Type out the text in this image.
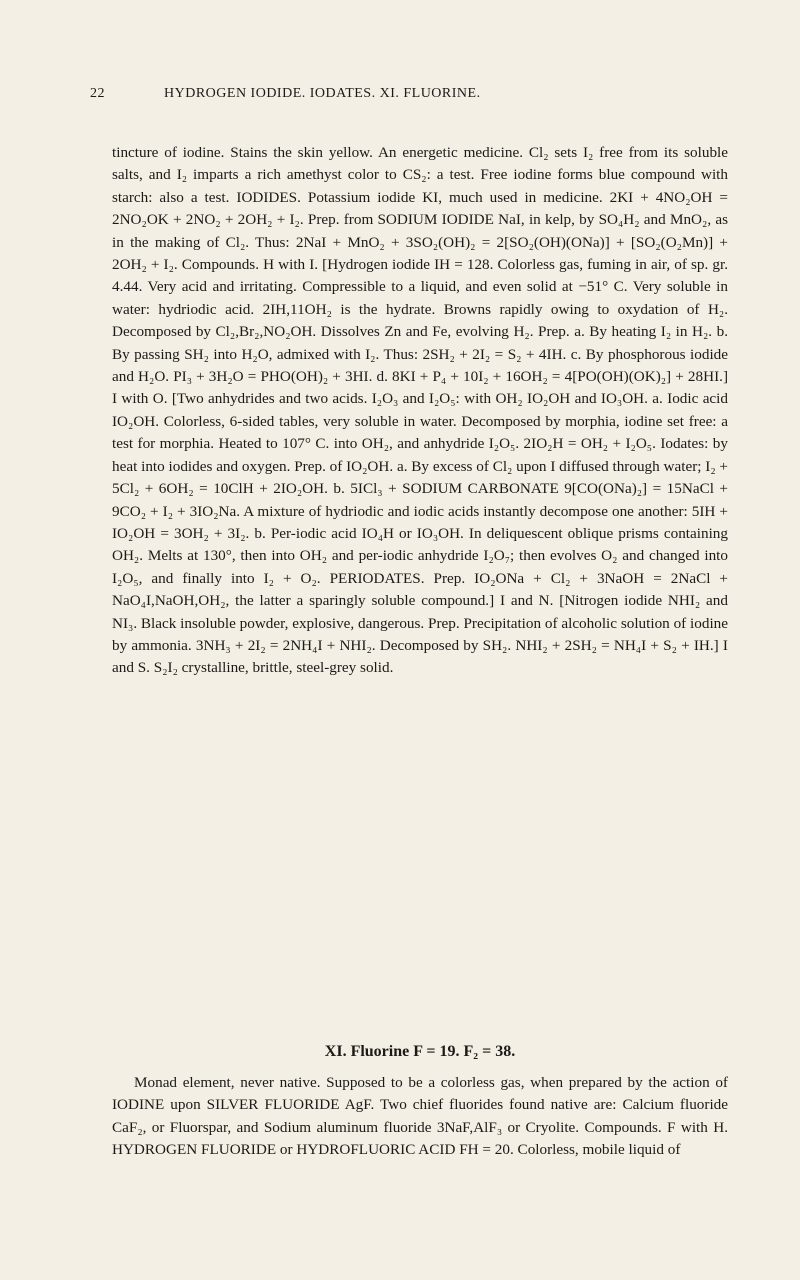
22	HYDROGEN IODIDE. IODATES. XI. FLUORINE.

tincture of iodine. Stains the skin yellow. An energetic medicine. Cl₂ sets I₂ free from its soluble salts, and I₂ imparts a rich amethyst color to CS₂: a test. Free iodine forms blue compound with starch: also a test. IODIDES. Potassium iodide KI, much used in medicine. 2KI + 4NO₂OH = 2NO₂OK + 2NO₂ + 2OH₂ + I₂. Prep. from SODIUM IODIDE NaI, in kelp, by SO₄H₂ and MnO₂, as in the making of Cl₂. Thus: 2NaI + MnO₂ + 3SO₂(OH)₂ = 2[SO₂(OH)(ONa)] + [SO₂(O₂Mn)] + 2OH₂ + I₂. Compounds. H with I. [Hydrogen iodide IH = 128. Colorless gas, fuming in air, of sp. gr. 4.44. Very acid and irritating. Compressible to a liquid, and even solid at −51° C. Very soluble in water: hydriodic acid. 2IH,11OH₂ is the hydrate. Browns rapidly owing to oxydation of H₂. Decomposed by Cl₂,Br₂,NO₂OH. Dissolves Zn and Fe, evolving H₂. Prep. a. By heating I₂ in H₂. b. By passing SH₂ into H₂O, admixed with I₂. Thus: 2SH₂ + 2I₂ = S₂ + 4IH. c. By phosphorous iodide and H₂O. PI₃ + 3H₂O = PHO(OH)₂ + 3HI. d. 8KI + P₄ + 10I₂ + 16OH₂ = 4[PO(OH)(OK)₂] + 28HI.] I with O. [Two anhydrides and two acids. I₂O₃ and I₂O₅: with OH₂ IO₂OH and IO₃OH. a. Iodic acid IO₂OH. Colorless, 6-sided tables, very soluble in water. Decomposed by morphia, iodine set free: a test for morphia. Heated to 107° C. into OH₂, and anhydride I₂O₅. 2IO₂H = OH₂ + I₂O₅. Iodates: by heat into iodides and oxygen. Prep. of IO₂OH. a. By excess of Cl₂ upon I diffused through water; I₂ + 5Cl₂ + 6OH₂ = 10ClH + 2IO₂OH. b. 5ICl₃ + SODIUM CARBONATE 9[CO(ONa)₂] = 15NaCl + 9CO₂ + I₂ + 3IO₂Na. A mixture of hydriodic and iodic acids instantly decompose one another: 5IH + IO₂OH = 3OH₂ + 3I₂. b. Per-iodic acid IO₄H or IO₃OH. In deliquescent oblique prisms containing OH₂. Melts at 130°, then into OH₂ and per-iodic anhydride I₂O₇; then evolves O₂ and changed into I₂O₅, and finally into I₂ + O₂. PERIODATES. Prep. IO₂ONa + Cl₂ + 3NaOH = 2NaCl + NaO₄I,NaOH,OH₂, the latter a sparingly soluble compound.] I and N. [Nitrogen iodide NHI₂ and NI₃. Black insoluble powder, explosive, dangerous. Prep. Precipitation of alcoholic solution of iodine by ammonia. 3NH₃ + 2I₂ = 2NH₄I + NHI₂. Decomposed by SH₂. NHI₂ + 2SH₂ = NH₄I + S₂ + IH.] I and S. S₂I₂ crystalline, brittle, steel-grey solid.

XI. Fluorine F = 19. F₂ = 38.

Monad element, never native. Supposed to be a colorless gas, when prepared by the action of IODINE upon SILVER FLUORIDE AgF. Two chief fluorides found native are: Calcium fluoride CaF₂, or Fluorspar, and Sodium aluminum fluoride 3NaF,AlF₃ or Cryolite. Compounds. F with H. HYDROGEN FLUORIDE or HYDROFLUORIC ACID FH = 20. Colorless, mobile liquid of
